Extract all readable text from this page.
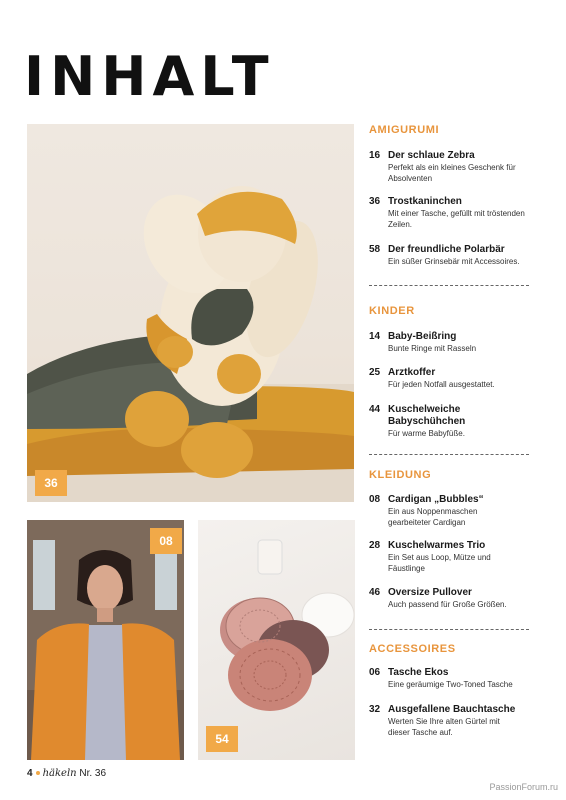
INHALT
36
08
54

AMIGURUMI

16 Der schlaue Zebra
Perfekt als ein kleines Geschenk für Absolventen
36 Trostkaninchen
Mit einer Tasche, gefüllt mit tröstenden Zeilen.
58 Der freundliche Polarbär
Ein süßer Grinsebär mit Accessoires.

KINDER

14 Baby-Beißring
Bunte Ringe mit Rasseln
25 Arztkoffer
Für jeden Notfall ausgestattet.
44 Kuschelweiche Babyschühchen
Für warme Babyfüße.

KLEIDUNG

08 Cardigan „Bubbles“
Ein aus Noppenmaschen gearbeiteter Cardigan
28 Kuschelwarmes Trio
Ein Set aus Loop, Mütze und Fäustlinge
46 Oversize Pullover
Auch passend für Große Größen.

ACCESSOIRES

06 Tasche Ekos
Eine geräumige Two-Toned Tasche
32 Ausgefallene Bauchtasche
Werten Sie Ihre alten Gürtel mit dieser Tasche auf.
4 häkeln Nr. 36
PassionForum.ru
